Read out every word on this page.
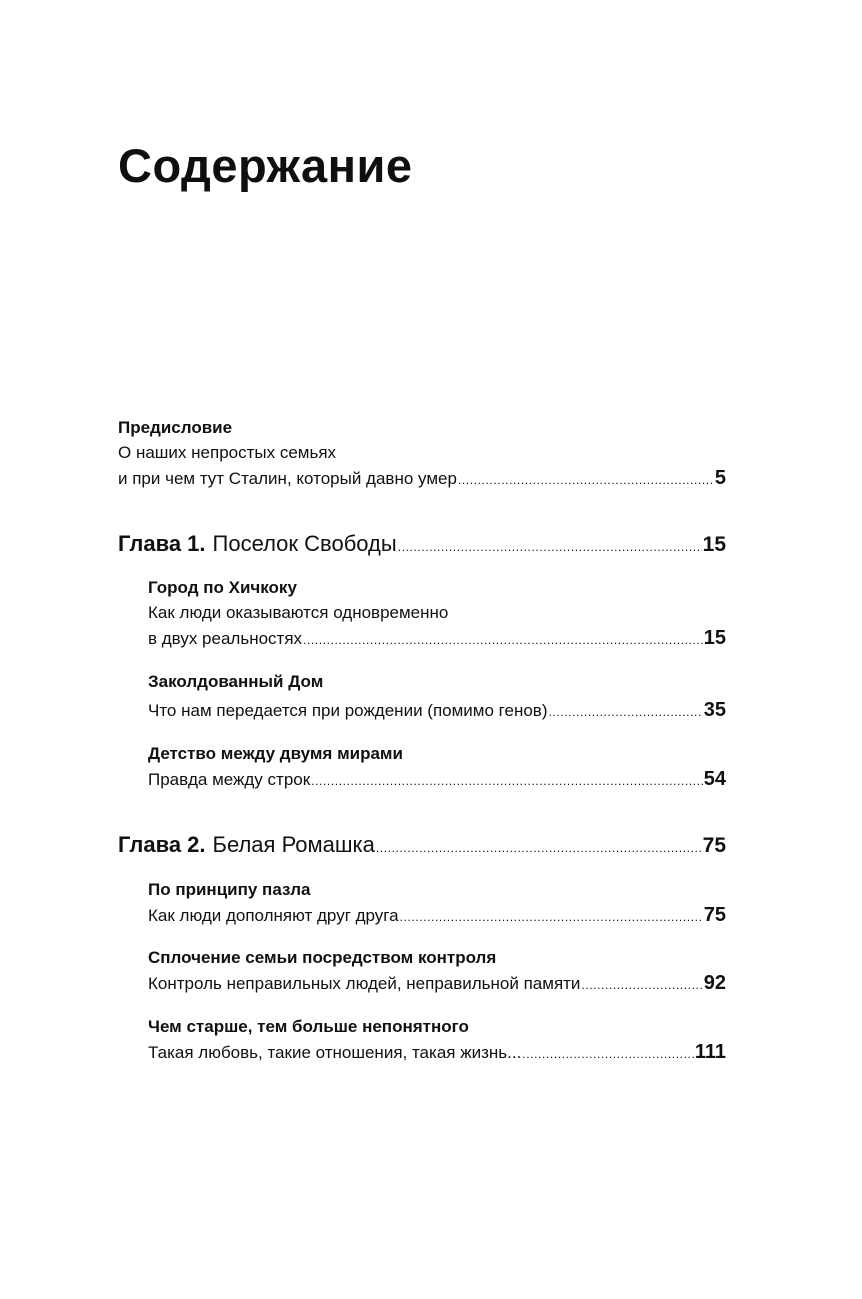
Содержание
Предисловие
О наших непростых семьях
и при чем тут Сталин, который давно умер .....	5
Глава 1. Поселок Свободы .....	15
Город по Хичкоку
Как люди оказываются одновременно
в двух реальностях .....	15
Заколдованный Дом
Что нам передается при рождении (помимо генов) .....	35
Детство между двумя мирами
Правда между строк .....	54
Глава 2. Белая Ромашка .....	75
По принципу пазла
Как люди дополняют друг друга .....	75
Сплочение семьи посредством контроля
Контроль неправильных людей, неправильной памяти .....	92
Чем старше, тем больше непонятного
Такая любовь, такие отношения, такая жизнь... .....	111
